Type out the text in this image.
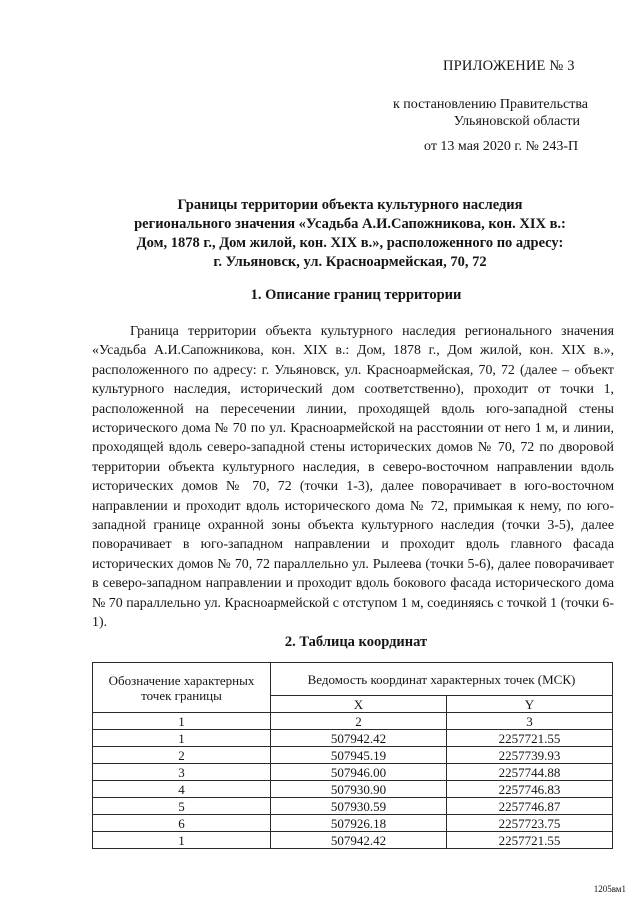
ПРИЛОЖЕНИЕ № 3
к постановлению Правительства
Ульяновской области
от 13 мая 2020 г. № 243-П
Границы территории объекта культурного наследия
регионального значения «Усадьба А.И.Сапожникова, кон. XIX в.:
Дом, 1878 г., Дом жилой, кон. XIX в.», расположенного по адресу:
г. Ульяновск, ул. Красноармейская, 70, 72
1. Описание границ территории

Граница территории объекта культурного наследия регионального значения «Усадьба А.И.Сапожникова, кон. XIX в.: Дом, 1878 г., Дом жилой, кон. XIX в.», расположенного по адресу: г. Ульяновск, ул. Красноармейская, 70, 72 (далее – объект культурного наследия, исторический дом соответственно), проходит от точки 1, расположенной на пересечении линии, проходящей вдоль юго-западной стены исторического дома № 70 по ул. Красноармейской на расстоянии от него 1 м, и линии, проходящей вдоль северо-западной стены исторических домов № 70, 72 по дворовой территории объекта культурного наследия, в северо-восточном направлении вдоль исторических домов № 70, 72 (точки 1-3), далее поворачивает в юго-восточном направлении и проходит вдоль исторического дома № 72, примыкая к нему, по юго-западной границе охранной зоны объекта культурного наследия (точки 3-5), далее поворачивает в юго-западном направлении и проходит вдоль главного фасада исторических домов № 70, 72 параллельно ул. Рылеева (точки 5-6), далее поворачивает в северо-западном направлении и проходит вдоль бокового фасада исторического дома № 70 параллельно ул. Красноармейской с отступом 1 м, соединяясь с точкой 1 (точки 6-1).

2. Таблица координат
Обозначение характерных точек границы	Ведомость координат характерных точек (МСК)	
	X	Y
1	2	3
1	507942.42	2257721.55
2	507945.19	2257739.93
3	507946.00	2257744.88
4	507930.90	2257746.83
5	507930.59	2257746.87
6	507926.18	2257723.75
1	507942.42	2257721.55
1205вм1
